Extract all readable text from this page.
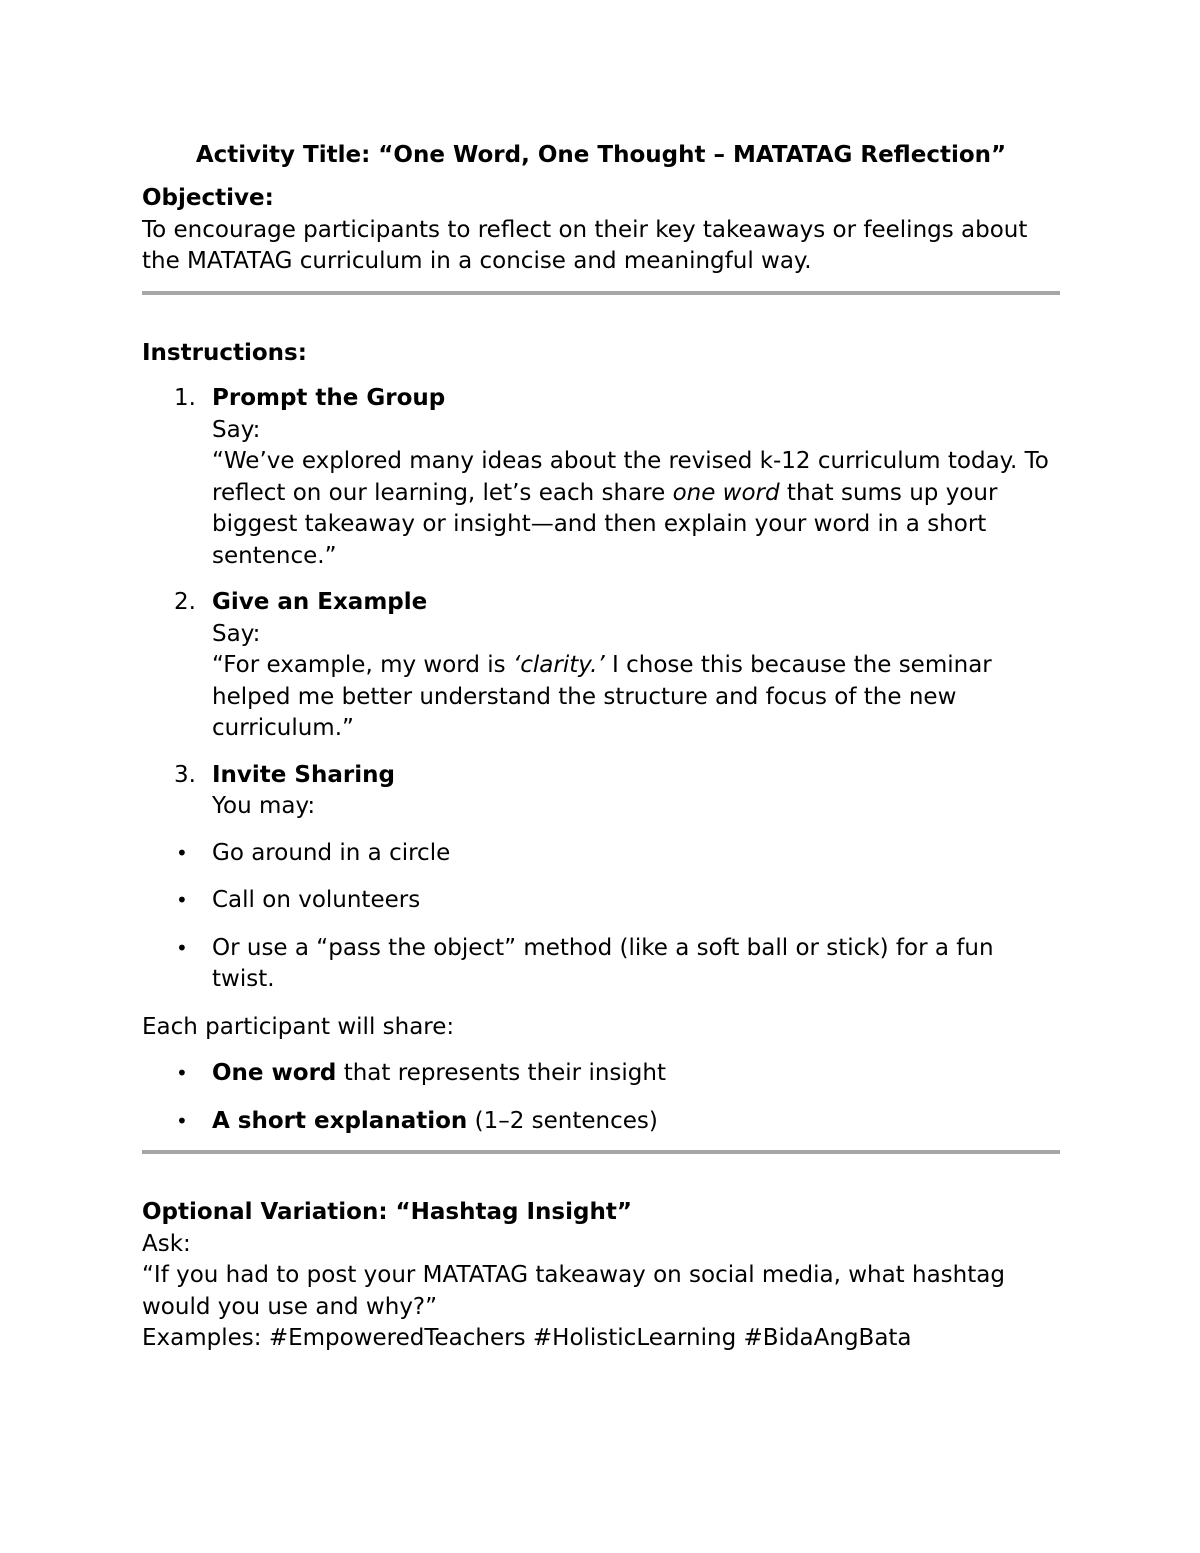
Activity Title: “One Word, One Thought – MATATAG Reflection”

Objective:

To encourage participants to reflect on their key takeaways or feelings about the MATATAG curriculum in a concise and meaningful way.

Instructions:

1. Prompt the Group
Say:
“We’ve explored many ideas about the revised k-12 curriculum today. To reflect on our learning, let’s each share one word that sums up your biggest takeaway or insight—and then explain your word in a short sentence.”
2. Give an Example
Say:
“For example, my word is ‘clarity.’ I chose this because the seminar helped me better understand the structure and focus of the new curriculum.”
3. Invite Sharing
You may:
• Go around in a circle
• Call on volunteers
• Or use a “pass the object” method (like a soft ball or stick) for a fun twist.

Each participant will share:

• One word that represents their insight
• A short explanation (1–2 sentences)

Optional Variation: “Hashtag Insight”

Ask:

“If you had to post your MATATAG takeaway on social media, what hashtag would you use and why?”

Examples: #EmpoweredTeachers #HolisticLearning #BidaAngBata
